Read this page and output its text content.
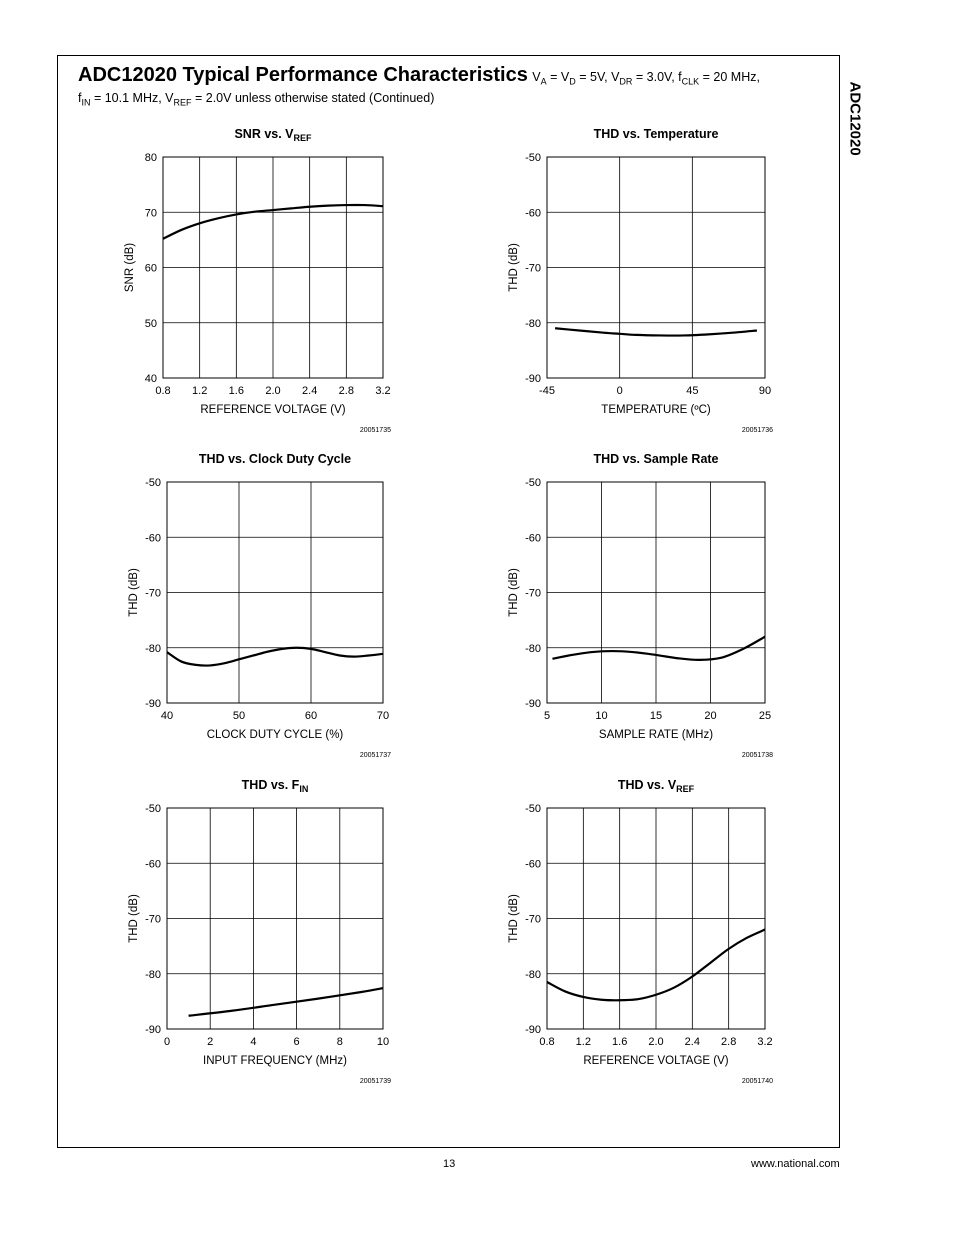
ADC12020
ADC12020 Typical Performance Characteristics $V_A = V_D = 5V$, $V_{DR} = 3.0V$, $f_{CLK} = 20$ MHz,
$f_{IN} = 10.1$ MHz, $V_{REF} = 2.0V$ unless otherwise stated (Continued)
SNR vs. $V_{REF}$
0.8 1.2 1.6 2.0 2.4 2.8 3.2
80
70
60
50
40
REFERENCE VOLTAGE (V)
SNR (dB)
20051735
THD vs. Temperature
-45	0	45	90
-50
-60
-70
-80
-90
TEMPERATURE (ºC)
THD (dB)
20051736
THD vs. Clock Duty Cycle
40	50	60	70
-50
-60
-70
-80
-90
CLOCK DUTY CYCLE (%)
THD (dB)
20051737
THD vs. Sample Rate
5	10	15	20	25
-50
-60
-70
-80
-90
SAMPLE RATE (MHz)
THD (dB)
20051738
THD vs. $F_{IN}$
0	2	4	6	8	10
-50
-60
-70
-80
-90
INPUT FREQUENCY (MHz)
THD (dB)
20051739
THD vs. $V_{REF}$
0.8 1.2 1.6 2.0 2.4 2.8 3.2
-50
-60
-70
-80
-90
REFERENCE VOLTAGE (V)
THD (dB)
20051740
13	www.national.com
